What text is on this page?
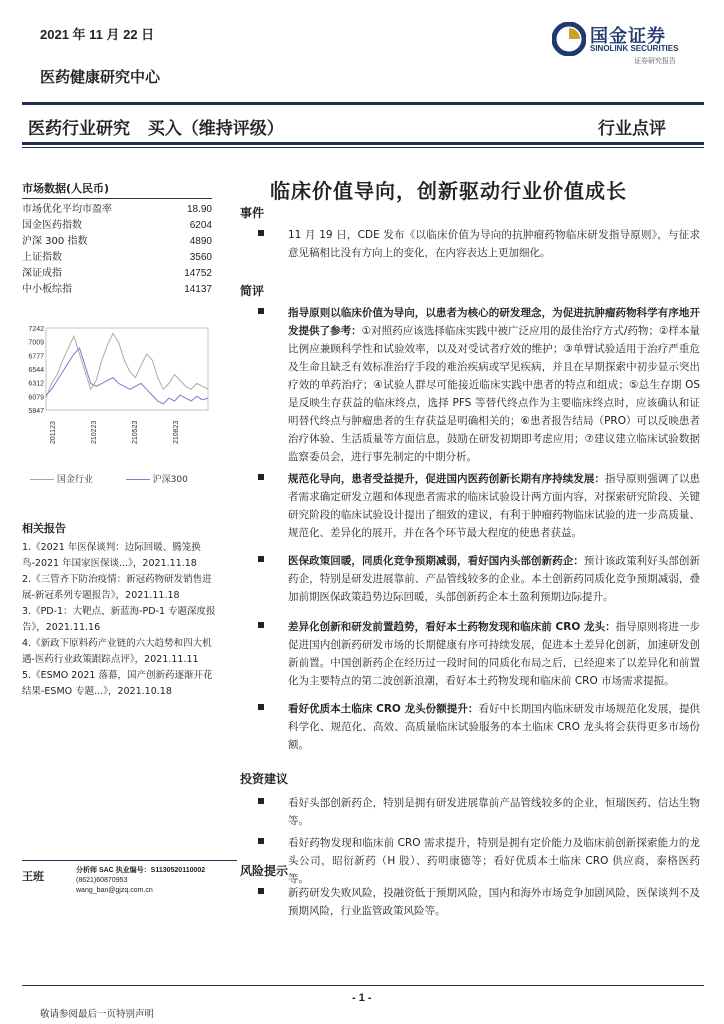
2021 年 11 月 22 日	国金证券
SINOLINK SECURITIES
证券研究报告
医药健康研究中心
医药行业研究   买入（维持评级）	行业点评
临床价值导向，创新驱动行业价值成长
市场数据(人民币)
市场优化平均市盈率	18.90
国金医药指数	6204
沪深 300 指数	4890
上证指数	3560
深证成指	14752
中小板综指	14137
7242
7009
6777
6544
6312
6079
5847
201123	210223	210523	210823
国金行业	沪深300
相关报告
1.《2021 年医保谈判：边际回暖、腾笼换鸟-2021 年国家医保谈...》，2021.11.18
2.《三管齐下防治疫情：新冠药物研发销售进展-新冠系列专题报告》，2021.11.18
3.《PD-1：大靶点、新蓝海-PD-1 专题深度报告》，2021.11.16
4.《新政下原料药产业链的六大趋势和四大机遇-医药行业政策跟踪点评》，2021.11.11
5.《ESMO 2021 落幕，国产创新药逐渐开花结果-ESMO 专题...》，2021.10.18
王班	分析师 SAC 执业编号：S1130520110002
(8621)60870953
wang_ban@gjzq.com.cn
事件
11 月 19 日，CDE 发布《以临床价值为导向的抗肿瘤药物临床研发指导原则》，与征求意见稿相比没有方向上的变化，在内容表达上更加细化。
简评
指导原则以临床价值为导向，以患者为核心的研发理念，为促进抗肿瘤药物科学有序地开发提供了参考：①对照药应该选择临床实践中被广泛应用的最佳治疗方式/药物；②样本量比例应兼顾科学性和试验效率，以及对受试者疗效的维护；③单臂试验适用于治疗严重危及生命且缺乏有效标准治疗手段的难治疾病或罕见疾病，并且在早期探索中初步显示突出疗效的单药治疗；④试验人群尽可能接近临床实践中患者的特点和组成；⑤总生存期 OS 是反映生存获益的临床终点，选择 PFS 等替代终点作为主要临床终点时，应该确认和证明替代终点与肿瘤患者的生存获益是明确相关的；⑥患者报告结局（PRO）可以反映患者治疗体验、生活质量等方面信息，鼓励在研发初期即考虑应用；⑦建议建立临床试验数据监察委员会，进行事先制定的中期分析。
规范化导向，患者受益提升，促进国内医药创新长期有序持续发展：指导原则强调了以患者需求确定研发立题和体现患者需求的临床试验设计两方面内容，对探索研究阶段、关键研究阶段的临床试验设计提出了细致的建议，有利于肿瘤药物临床试验的进一步高质量、规范化、差异化的展开，并在各个环节最大程度的使患者获益。
医保政策回暖，同质化竞争预期减弱，看好国内头部创新药企：预计该政策利好头部创新药企，特别是研发进展靠前、产品管线较多的企业。本土创新药同质化竞争预期减弱，叠加前期医保政策趋势边际回暖，头部创新药企本土盈利预期边际提升。
差异化创新和研发前置趋势，看好本土药物发现和临床前 CRO 龙头：指导原则将进一步促进国内创新药研发市场的长期健康有序可持续发展，促进本土差异化创新，加速研发创新前置。中国创新药企在经历过一段时间的同质化布局之后，已经迎来了以差异化和前置化为主要特点的第二波创新浪潮，看好本土药物发现和临床前 CRO 市场需求提振。
看好优质本土临床 CRO 龙头份额提升：看好中长期国内临床研发市场规范化发展，提供科学化、规范化、高效、高质量临床试验服务的本土临床 CRO 龙头将会获得更多市场份额。
投资建议
看好头部创新药企，特别是拥有研发进展靠前产品管线较多的企业，恒瑞医药、信达生物等。
看好药物发现和临床前 CRO 需求提升，特别是拥有定价能力及临床前创新探索能力的龙头公司，昭衍新药（H 股）、药明康德等；看好优质本土临床 CRO 供应商，泰格医药等。
风险提示
新药研发失败风险，投融资低于预期风险，国内和海外市场竞争加剧风险，医保谈判不及预期风险，行业监管政策风险等。
- 1 -
敬请参阅最后一页特别声明
